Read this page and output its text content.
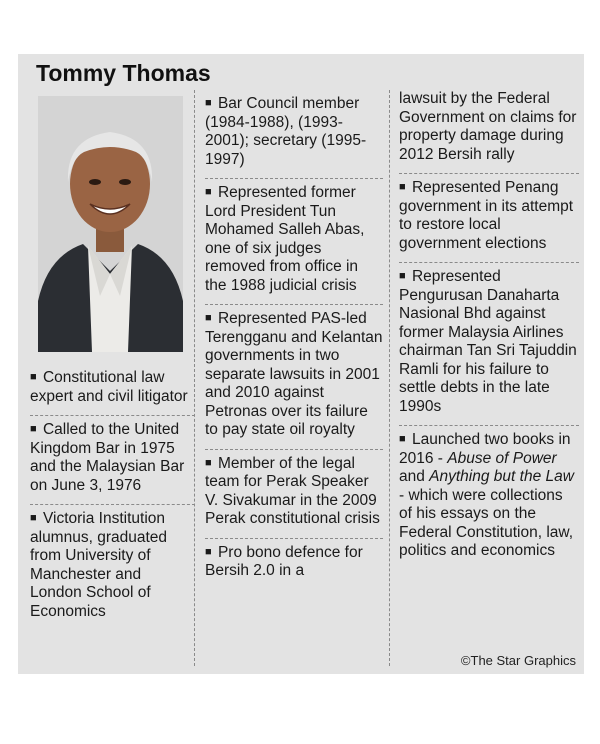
Tommy Thomas

■ Constitutional law expert and civil litigator

■ Called to the United Kingdom Bar in 1975 and the Malaysian Bar on June 3, 1976

■ Victoria Institution alumnus, graduated from University of Manchester and London School of Economics

■ Bar Council member (1984-1988), (1993-2001); secretary (1995-1997)

■ Represented former Lord President Tun Mohamed Salleh Abas, one of six judges removed from office in the 1988 judicial crisis

■ Represented PAS-led Terengganu and Kelantan governments in two separate lawsuits in 2001 and 2010 against Petronas over its failure to pay state oil royalty

■ Member of the legal team for Perak Speaker V. Sivakumar in the 2009 Perak constitutional crisis

■ Pro bono defence for Bersih 2.0 in a

lawsuit by the Federal Government on claims for property damage during 2012 Bersih rally

■ Represented Penang government in its attempt to restore local government elections

■ Represented Pengurusan Danaharta Nasional Bhd against former Malaysia Airlines chairman Tan Sri Tajuddin Ramli for his failure to settle debts in the late 1990s

■ Launched two books in 2016 - Abuse of Power and Anything but the Law - which were collections of his essays on the Federal Constitution, law, politics and economics

©The Star Graphics
